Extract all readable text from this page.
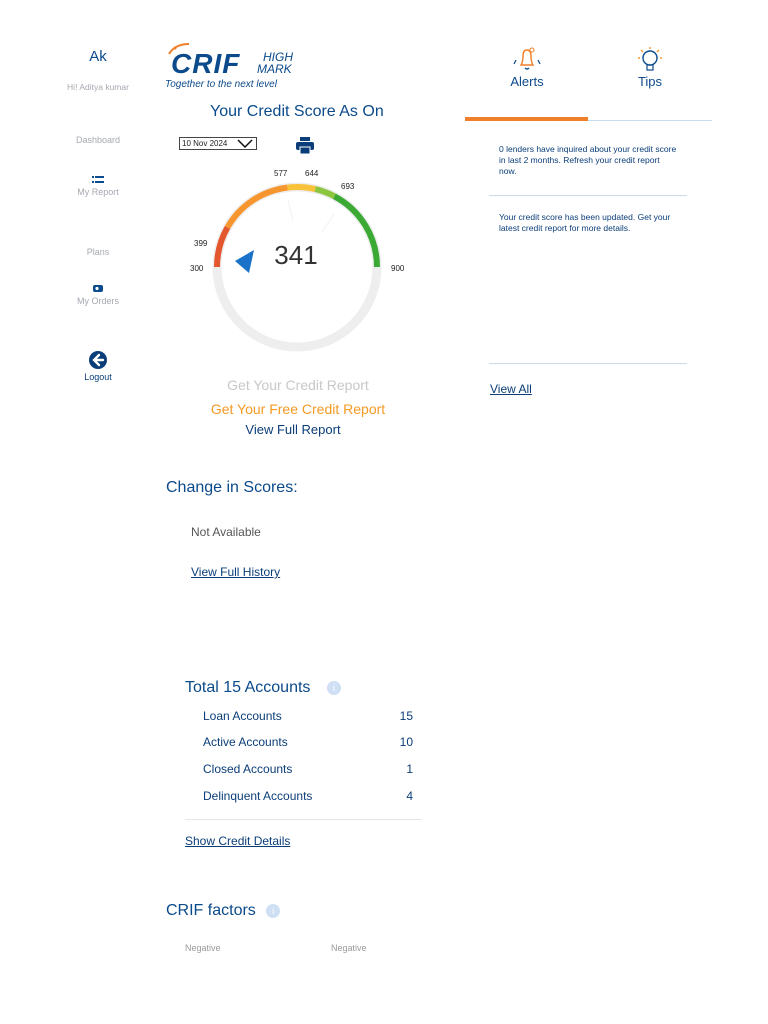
Ak
Hi! Aditya kumar
Dashboard
My Report
Plans
My Orders
Logout
CRIF HIGH
MARK
Together to the next level
Your Credit Score As On
10 Nov 2024
300
399
577 644
693
900
341
Get Your Credit Report
Get Your Free Credit Report
View Full Report
Alerts	Tips
0 lenders have inquired about your credit score in last 2 months. Refresh your credit report now.
Your credit score has been updated. Get your latest credit report for more details.
View All
Change in Scores:
Not Available
View Full History
Total 15 Accounts i
Loan Accounts	15
Active Accounts	10
Closed Accounts	1
Delinquent Accounts	4
Show Credit Details
CRIF factors i
Negative	Negative
